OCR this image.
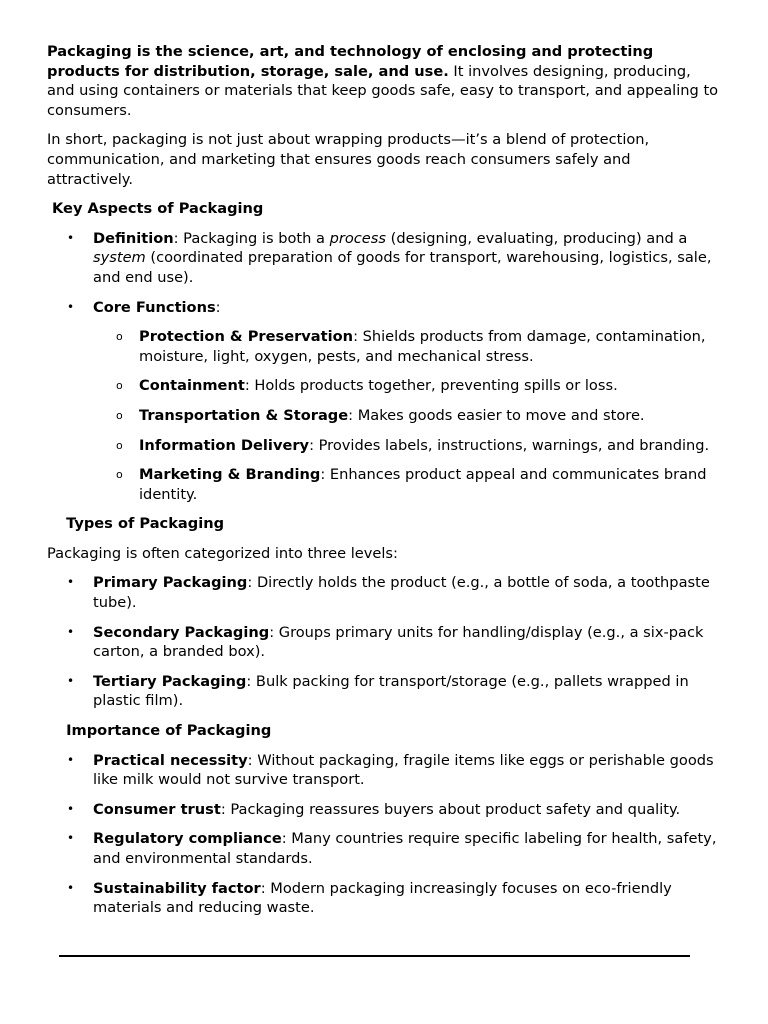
Packaging is the science, art, and technology of enclosing and protecting products for distribution, storage, sale, and use. It involves designing, producing, and using containers or materials that keep goods safe, easy to transport, and appealing to consumers.

In short, packaging is not just about wrapping products—it’s a blend of protection, communication, and marketing that ensures goods reach consumers safely and attractively.

Key Aspects of Packaging
• Definition: Packaging is both a process (designing, evaluating, producing) and a system (coordinated preparation of goods for transport, warehousing, logistics, sale, and end use).
• Core Functions:
o Protection & Preservation: Shields products from damage, contamination, moisture, light, oxygen, pests, and mechanical stress.
o Containment: Holds products together, preventing spills or loss.
o Transportation & Storage: Makes goods easier to move and store.
o Information Delivery: Provides labels, instructions, warnings, and branding.
o Marketing & Branding: Enhances product appeal and communicates brand identity.
Types of Packaging

Packaging is often categorized into three levels:

• Primary Packaging: Directly holds the product (e.g., a bottle of soda, a toothpaste tube).
• Secondary Packaging: Groups primary units for handling/display (e.g., a six-pack carton, a branded box).
• Tertiary Packaging: Bulk packing for transport/storage (e.g., pallets wrapped in plastic film).
Importance of Packaging
• Practical necessity: Without packaging, fragile items like eggs or perishable goods like milk would not survive transport.
• Consumer trust: Packaging reassures buyers about product safety and quality.
• Regulatory compliance: Many countries require specific labeling for health, safety, and environmental standards.
• Sustainability factor: Modern packaging increasingly focuses on eco-friendly materials and reducing waste.
